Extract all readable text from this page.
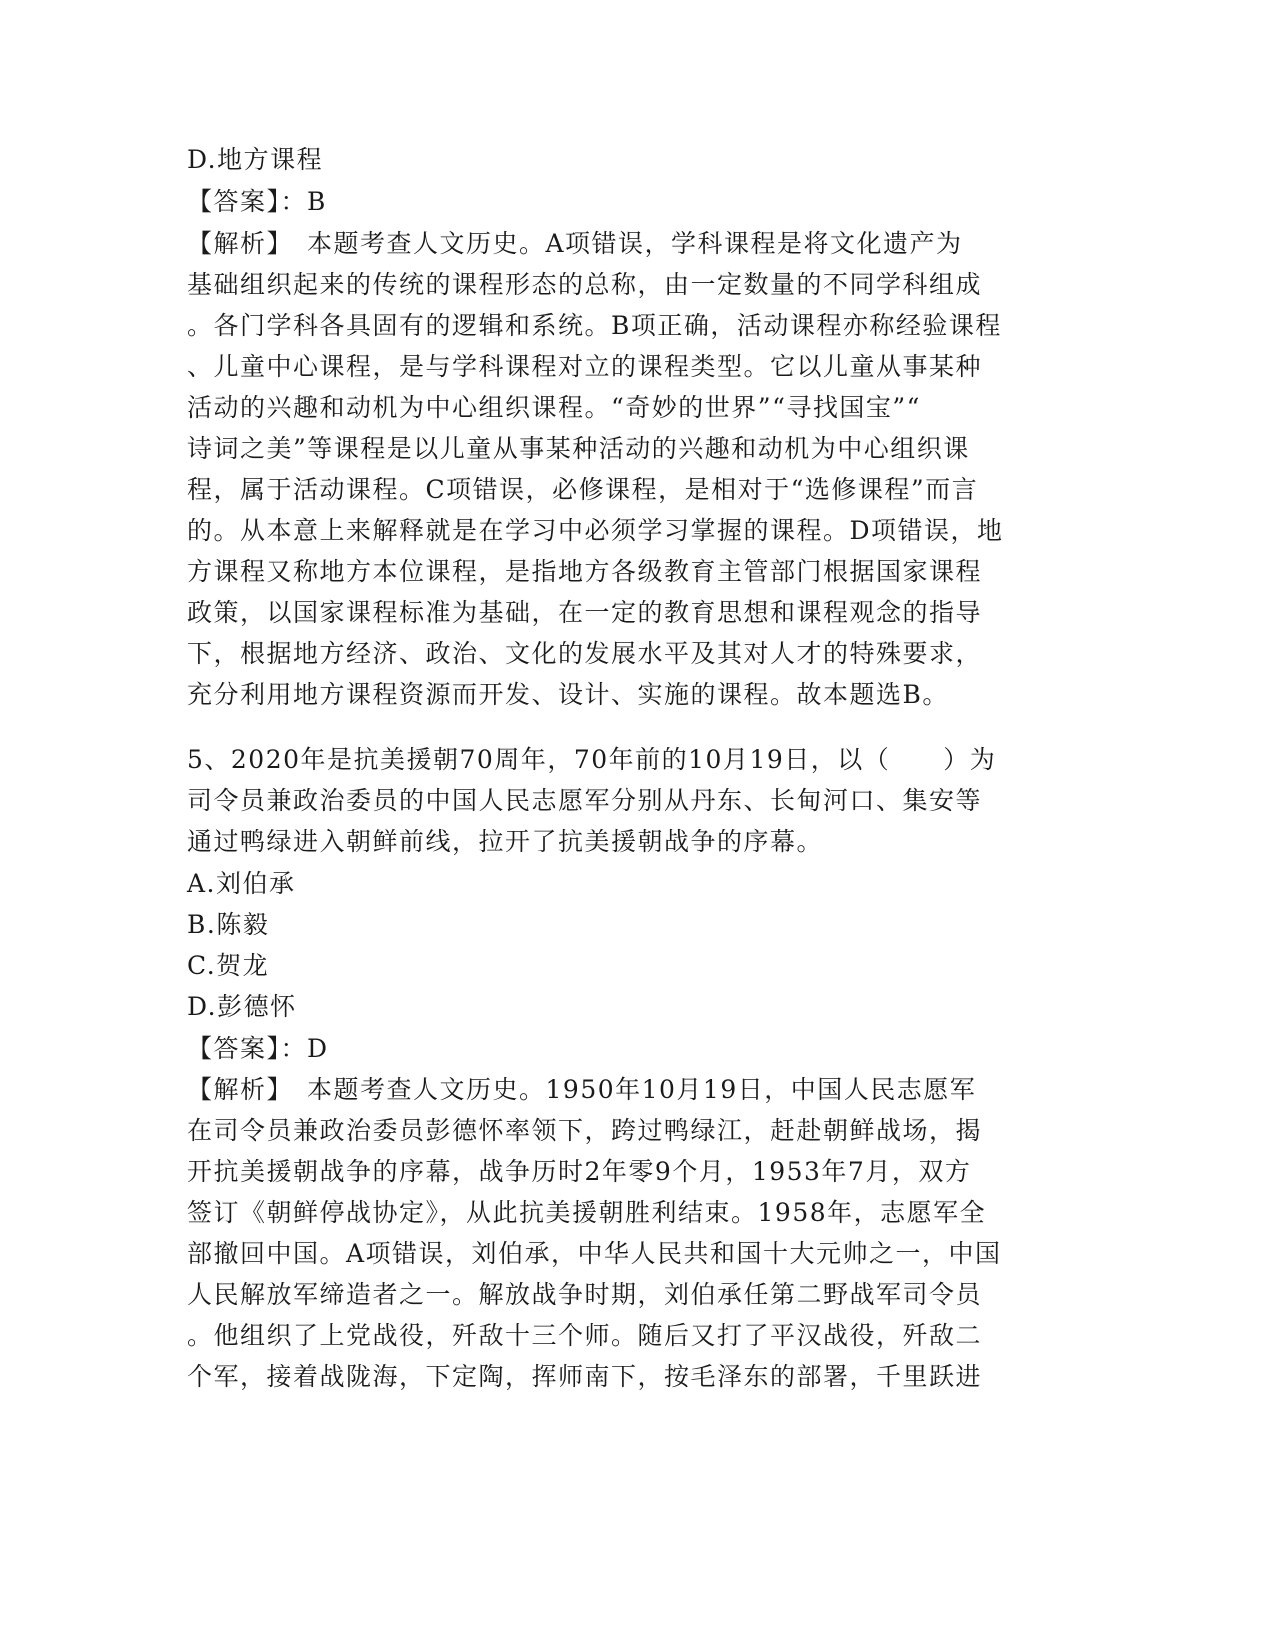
D.地方课程
【答案】：B
【解析】　本题考查人文历史。A项错误，学科课程是将文化遗产为
基础组织起来的传统的课程形态的总称，由一定数量的不同学科组成
。各门学科各具固有的逻辑和系统。B项正确，活动课程亦称经验课程
、儿童中心课程，是与学科课程对立的课程类型。它以儿童从事某种
活动的兴趣和动机为中心组织课程。“奇妙的世界”“寻找国宝”“
诗词之美”等课程是以儿童从事某种活动的兴趣和动机为中心组织课
程，属于活动课程。C项错误，必修课程，是相对于“选修课程”而言
的。从本意上来解释就是在学习中必须学习掌握的课程。D项错误，地
方课程又称地方本位课程，是指地方各级教育主管部门根据国家课程
政策，以国家课程标准为基础，在一定的教育思想和课程观念的指导
下，根据地方经济、政治、文化的发展水平及其对人才的特殊要求，
充分利用地方课程资源而开发、设计、实施的课程。故本题选B。
5、2020年是抗美援朝70周年，70年前的10月19日，以（　　）为
司令员兼政治委员的中国人民志愿军分别从丹东、长甸河口、集安等
通过鸭绿进入朝鲜前线，拉开了抗美援朝战争的序幕。
A.刘伯承
B.陈毅
C.贺龙
D.彭德怀
【答案】：D
【解析】　本题考查人文历史。1950年10月19日，中国人民志愿军
在司令员兼政治委员彭德怀率领下，跨过鸭绿江，赶赴朝鲜战场，揭
开抗美援朝战争的序幕，战争历时2年零9个月，1953年7月，双方
签订《朝鲜停战协定》，从此抗美援朝胜利结束。1958年，志愿军全
部撤回中国。A项错误，刘伯承，中华人民共和国十大元帅之一，中国
人民解放军缔造者之一。解放战争时期，刘伯承任第二野战军司令员
。他组织了上党战役，歼敌十三个师。随后又打了平汉战役，歼敌二
个军，接着战陇海，下定陶，挥师南下，按毛泽东的部署，千里跃进
